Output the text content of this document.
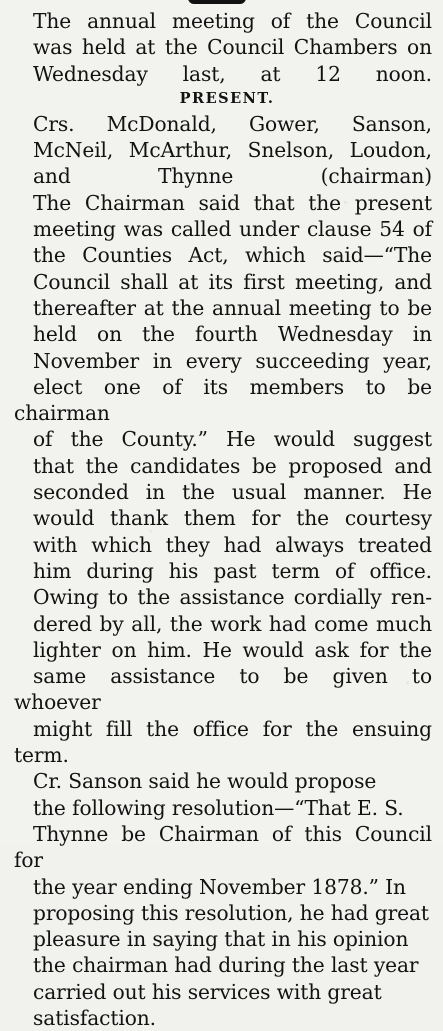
The annual meeting of the Council
was held at the Council Chambers on
Wednesday last, at 12 noon.

PRESENT.

Crs. McDonald, Gower, Sanson,
McNeil, McArthur, Snelson, Loudon,
and Thynne (chairman)

The Chairman said that the present
meeting was called under clause 54 of
the Counties Act, which said—“The
Council shall at its first meeting, and
thereafter at the annual meeting to be
held on the fourth Wednesday in
November in every succeeding year,
elect one of its members to be chairman
of the County.” He would suggest
that the candidates be proposed and
seconded in the usual manner. He
would thank them for the courtesy
with which they had always treated
him during his past term of office.
Owing to the assistance cordially ren-
dered by all, the work had come much
lighter on him. He would ask for the
same assistance to be given to whoever
might fill the office for the ensuing term.

Cr. Sanson said he would propose
the following resolution—“That E. S.
Thynne be Chairman of this Council for
the year ending November 1878.” In
proposing this resolution, he had great
pleasure in saying that in his opinion
the chairman had during the last year
carried out his services with great
satisfaction.
